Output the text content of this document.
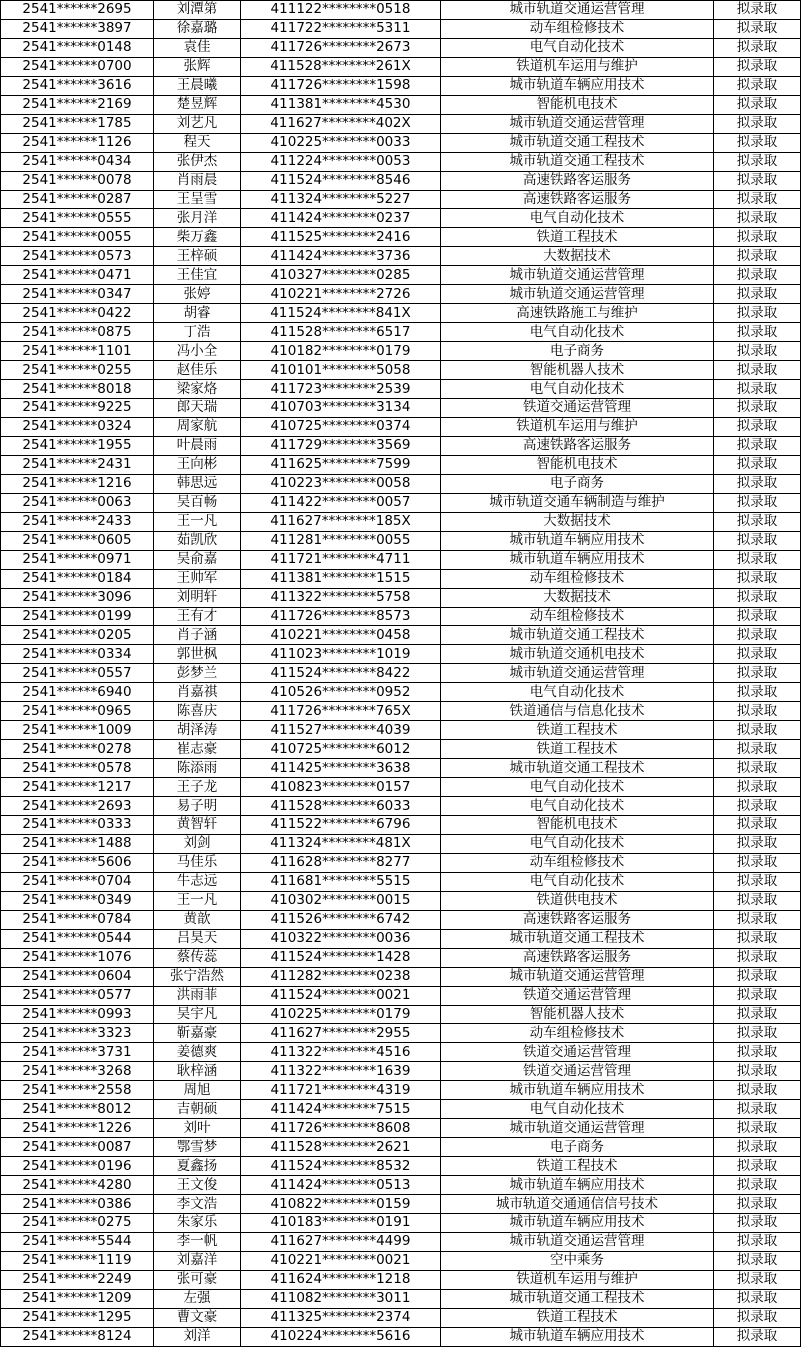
2541******2695	刘潭第	411122********0518	城市轨道交通运营管理	拟录取
2541******3897	徐嘉璐	411722********5311	动车组检修技术	拟录取
2541******0148	袁佳	411726********2673	电气自动化技术	拟录取
2541******0700	张辉	411528********261X	铁道机车运用与维护	拟录取
2541******3616	王晨曦	411726********1598	城市轨道车辆应用技术	拟录取
2541******2169	楚昱辉	411381********4530	智能机电技术	拟录取
2541******1785	刘艺凡	411627********402X	城市轨道交通运营管理	拟录取
2541******1126	程天	410225********0033	城市轨道交通工程技术	拟录取
2541******0434	张伊杰	411224********0053	城市轨道交通工程技术	拟录取
2541******0078	肖雨晨	411524********8546	高速铁路客运服务	拟录取
2541******0287	王呈雪	411324********5227	高速铁路客运服务	拟录取
2541******0555	张月洋	411424********0237	电气自动化技术	拟录取
2541******0055	柴万鑫	411525********2416	铁道工程技术	拟录取
2541******0573	王梓硕	411424********3736	大数据技术	拟录取
2541******0471	王佳宜	410327********0285	城市轨道交通运营管理	拟录取
2541******0347	张婷	410221********2726	城市轨道交通运营管理	拟录取
2541******0422	胡睿	411524********841X	高速铁路施工与维护	拟录取
2541******0875	丁浩	411528********6517	电气自动化技术	拟录取
2541******1101	冯小全	410182********0179	电子商务	拟录取
2541******0255	赵佳乐	410101********5058	智能机器人技术	拟录取
2541******8018	梁家烙	411723********2539	电气自动化技术	拟录取
2541******9225	郎天瑞	410703********3134	铁道交通运营管理	拟录取
2541******0324	周家航	410725********0374	铁道机车运用与维护	拟录取
2541******1955	叶晨雨	411729********3569	高速铁路客运服务	拟录取
2541******2431	王向彬	411625********7599	智能机电技术	拟录取
2541******1216	韩思远	410223********0058	电子商务	拟录取
2541******0063	吴百畅	411422********0057	城市轨道交通车辆制造与维护	拟录取
2541******2433	王一凡	411627********185X	大数据技术	拟录取
2541******0605	茹凯欣	411281********0055	城市轨道车辆应用技术	拟录取
2541******0971	吴俞嘉	411721********4711	城市轨道车辆应用技术	拟录取
2541******0184	王帅军	411381********1515	动车组检修技术	拟录取
2541******3096	刘明轩	411322********5758	大数据技术	拟录取
2541******0199	王有才	411726********8573	动车组检修技术	拟录取
2541******0205	肖子涵	410221********0458	城市轨道交通工程技术	拟录取
2541******0334	郭世枫	411023********1019	城市轨道交通机电技术	拟录取
2541******0557	彭梦兰	411524********8422	城市轨道交通运营管理	拟录取
2541******6940	肖嘉祺	410526********0952	电气自动化技术	拟录取
2541******0965	陈喜庆	411726********765X	铁道通信与信息化技术	拟录取
2541******1009	胡泽涛	411527********4039	铁道工程技术	拟录取
2541******0278	崔志豪	410725********6012	铁道工程技术	拟录取
2541******0578	陈添雨	411425********3638	城市轨道交通工程技术	拟录取
2541******1217	王子龙	410823********0157	电气自动化技术	拟录取
2541******2693	易子明	411528********6033	电气自动化技术	拟录取
2541******0333	黄智轩	411522********6796	智能机电技术	拟录取
2541******1488	刘剑	411324********481X	电气自动化技术	拟录取
2541******5606	马佳乐	411628********8277	动车组检修技术	拟录取
2541******0704	牛志远	411681********5515	电气自动化技术	拟录取
2541******0349	王一凡	410302********0015	铁道供电技术	拟录取
2541******0784	黄歆	411526********6742	高速铁路客运服务	拟录取
2541******0544	吕昊天	410322********0036	城市轨道交通工程技术	拟录取
2541******1076	蔡传蕊	411524********1428	高速铁路客运服务	拟录取
2541******0604	张宁浩然	411282********0238	城市轨道交通运营管理	拟录取
2541******0577	洪雨菲	411524********0021	铁道交通运营管理	拟录取
2541******0993	吴宇凡	410225********0179	智能机器人技术	拟录取
2541******3323	靳嘉豪	411627********2955	动车组检修技术	拟录取
2541******3731	姜德爽	411322********4516	铁道交通运营管理	拟录取
2541******3268	耿梓涵	411322********1639	铁道交通运营管理	拟录取
2541******2558	周旭	411721********4319	城市轨道车辆应用技术	拟录取
2541******8012	吉朝硕	411424********7515	电气自动化技术	拟录取
2541******1226	刘叶	411726********8608	城市轨道交通运营管理	拟录取
2541******0087	鄂雪梦	411528********2621	电子商务	拟录取
2541******0196	夏鑫扬	411524********8532	铁道工程技术	拟录取
2541******4280	王文俊	411424********0513	城市轨道车辆应用技术	拟录取
2541******0386	李文浩	410822********0159	城市轨道交通通信信号技术	拟录取
2541******0275	朱家乐	410183********0191	城市轨道车辆应用技术	拟录取
2541******5544	李一帆	411627********4499	城市轨道交通运营管理	拟录取
2541******1119	刘嘉洋	410221********0021	空中乘务	拟录取
2541******2249	张可豪	411624********1218	铁道机车运用与维护	拟录取
2541******1209	左强	411082********3011	城市轨道交通工程技术	拟录取
2541******1295	曹文豪	411325********2374	铁道工程技术	拟录取
2541******8124	刘洋	410224********5616	城市轨道车辆应用技术	拟录取
